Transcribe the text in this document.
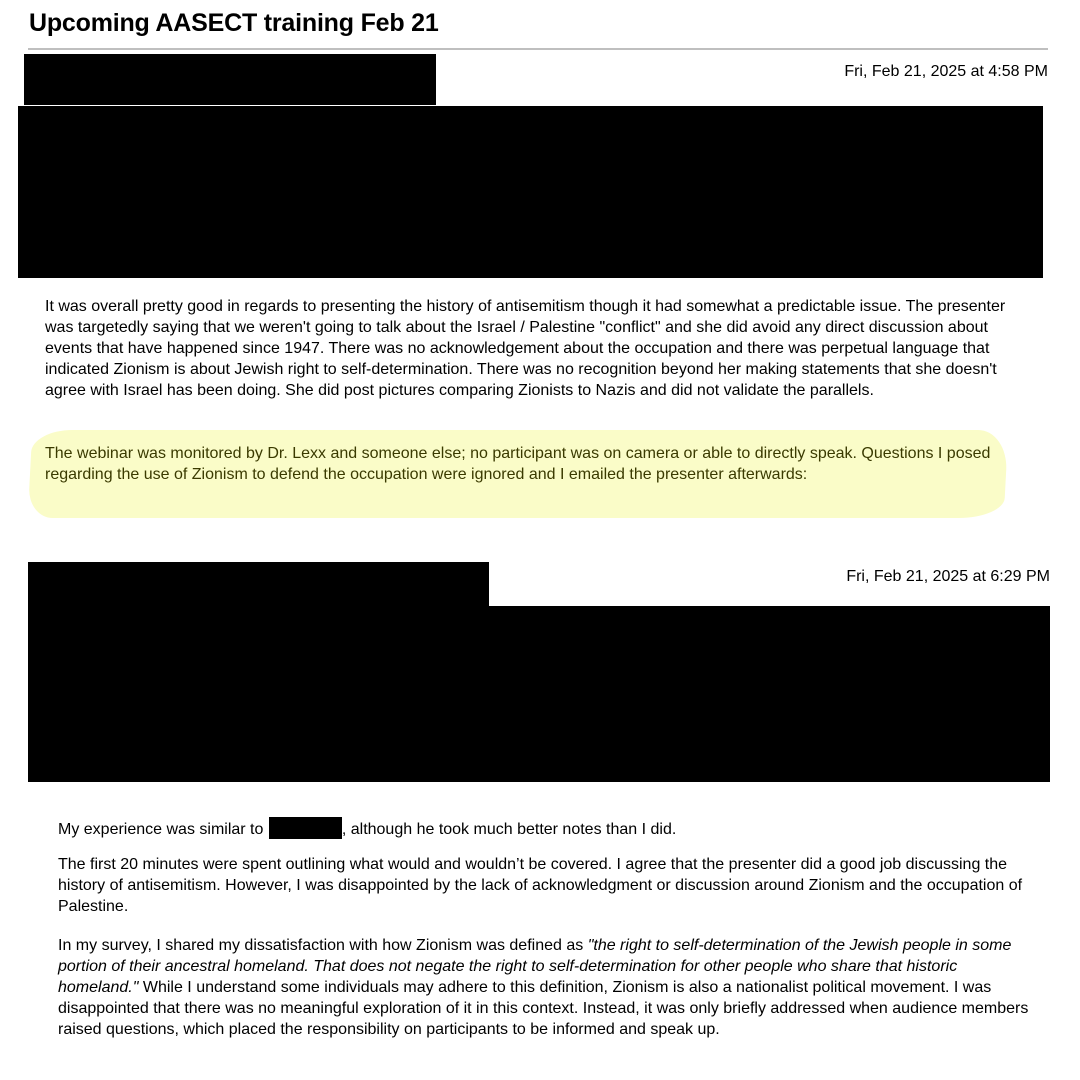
Upcoming AASECT training Feb 21
Fri, Feb 21, 2025 at 4:58 PM

It was overall pretty good in regards to presenting the history of antisemitism though it had somewhat a predictable issue. The presenter was targetedly saying that we weren't going to talk about the Israel / Palestine "conflict" and she did avoid any direct discussion about events that have happened since 1947. There was no acknowledgement about the occupation and there was perpetual language that indicated Zionism is about Jewish right to self-determination. There was no recognition beyond her making statements that she doesn't agree with Israel has been doing. She did post pictures comparing Zionists to Nazis and did not validate the parallels.

The webinar was monitored by Dr. Lexx and someone else; no participant was on camera or able to directly speak. Questions I posed regarding the use of Zionism to defend the occupation were ignored and I emailed the presenter afterwards:

Fri, Feb 21, 2025 at 6:29 PM

My experience was similar to	, although he took much better notes than I did.

The first 20 minutes were spent outlining what would and wouldn’t be covered. I agree that the presenter did a good job discussing the history of antisemitism. However, I was disappointed by the lack of acknowledgment or discussion around Zionism and the occupation of Palestine.

In my survey, I shared my dissatisfaction with how Zionism was defined as "the right to self-determination of the Jewish people in some portion of their ancestral homeland. That does not negate the right to self-determination for other people who share that historic homeland." While I understand some individuals may adhere to this definition, Zionism is also a nationalist political movement. I was disappointed that there was no meaningful exploration of it in this context. Instead, it was only briefly addressed when audience members raised questions, which placed the responsibility on participants to be informed and speak up.
